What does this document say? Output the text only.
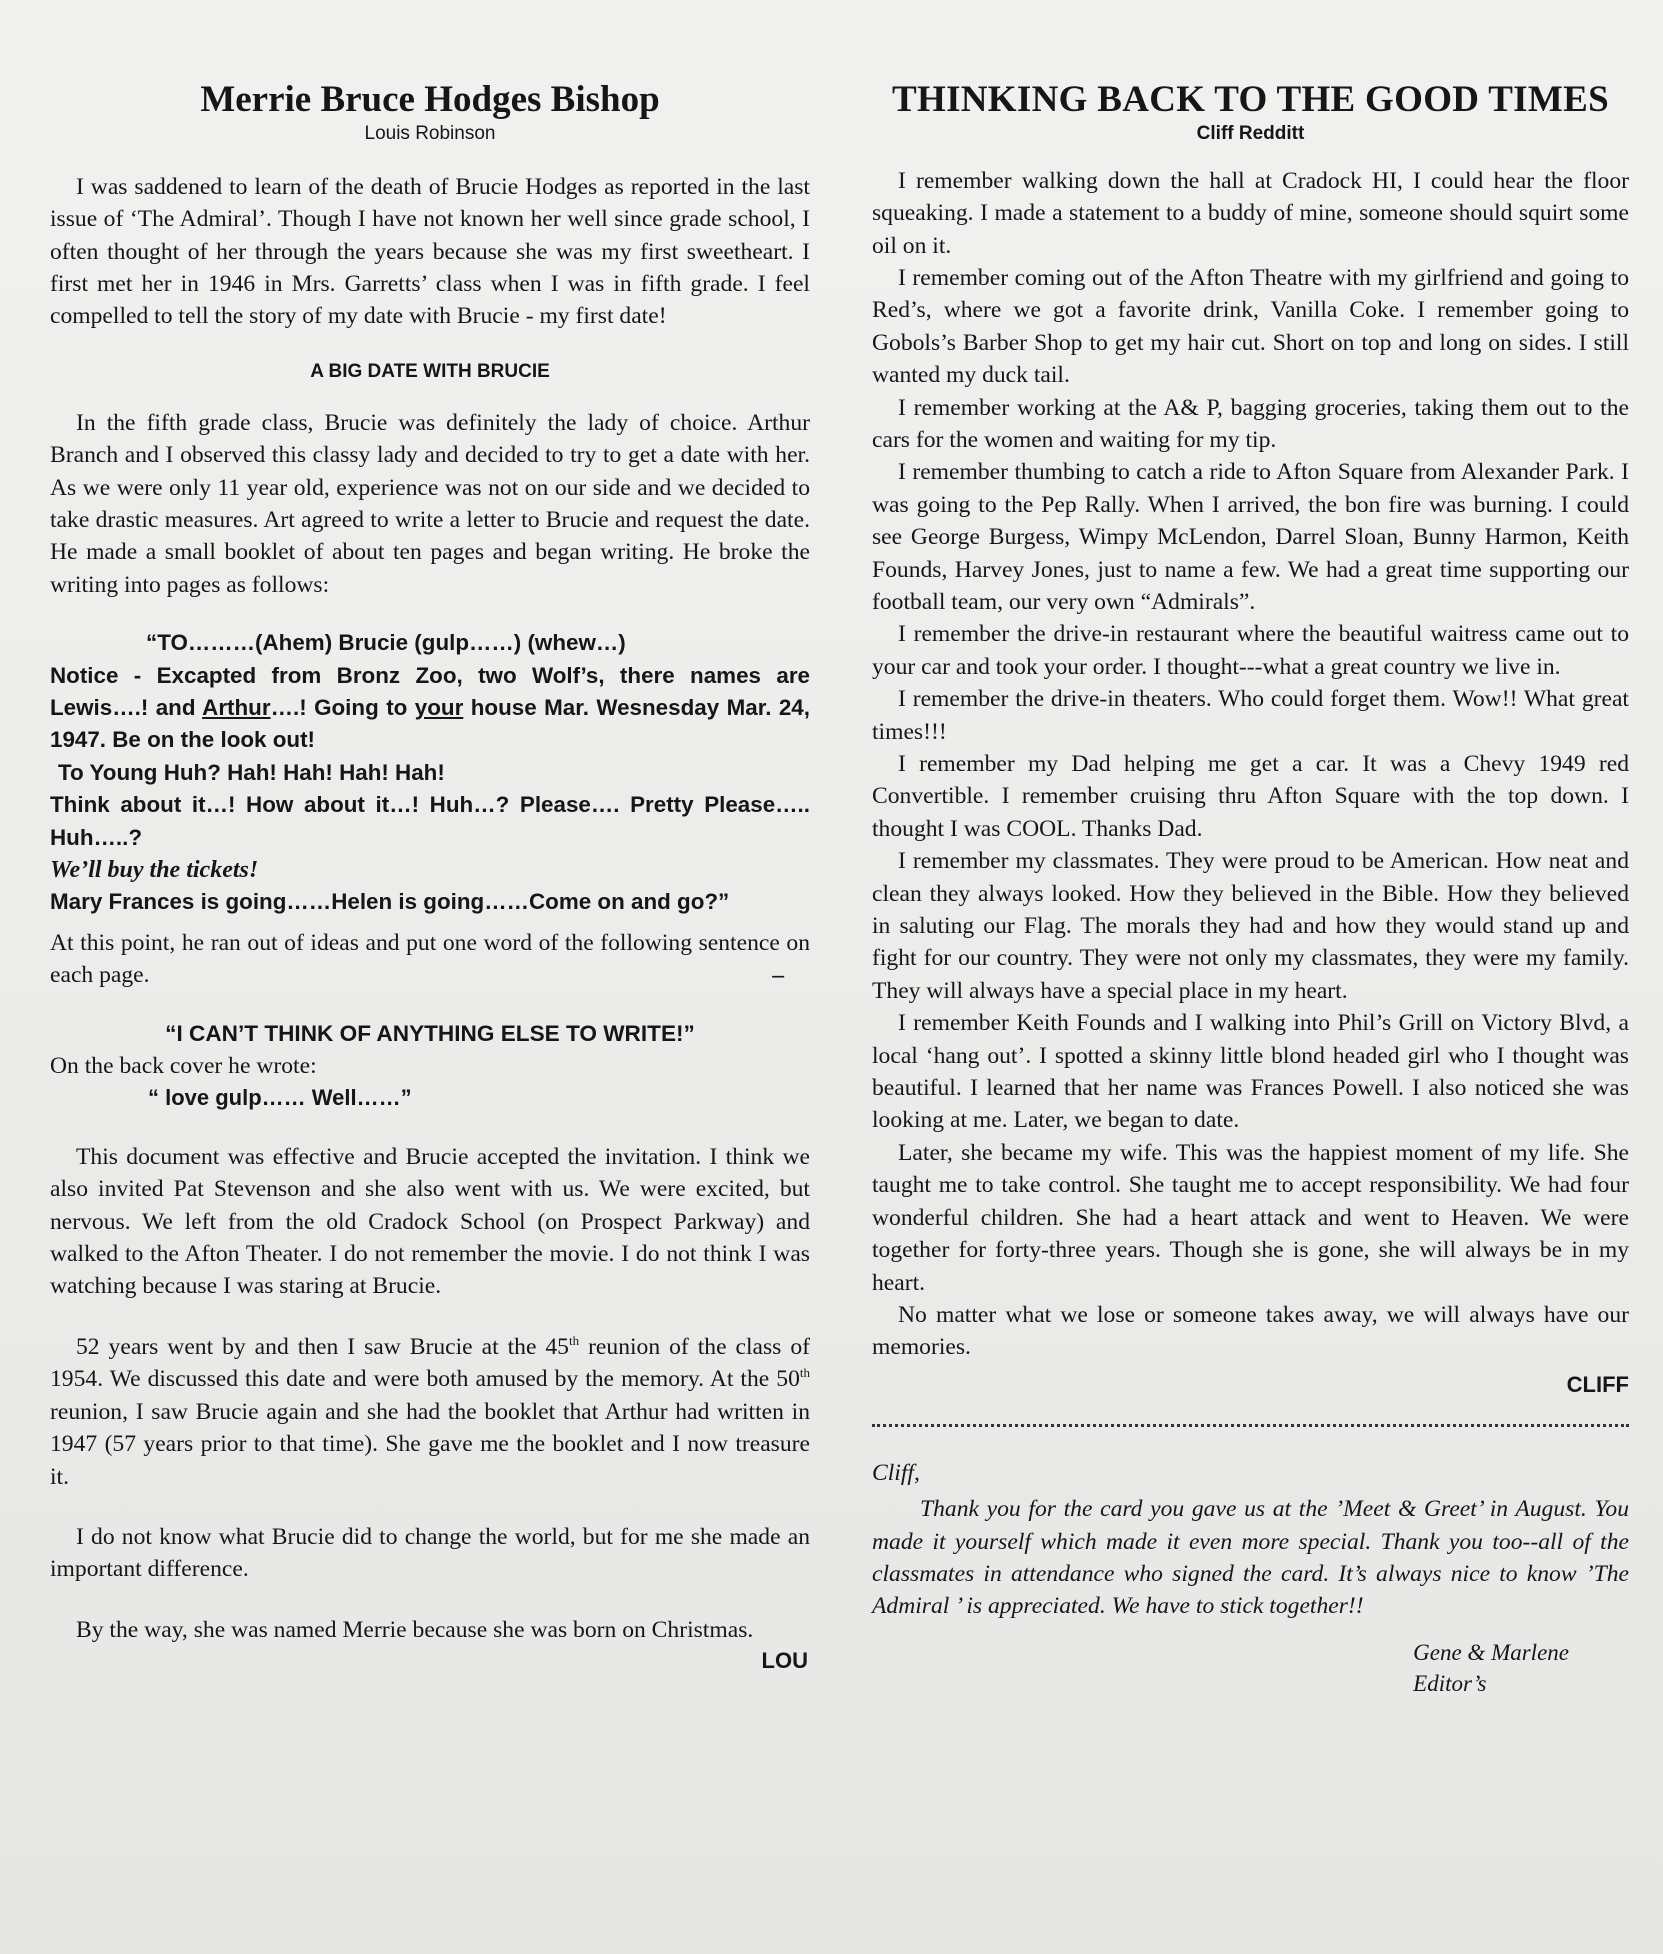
Merrie Bruce Hodges Bishop
Louis Robinson

I was saddened to learn of the death of Brucie Hodges as reported in the last issue of ‘The Admiral’. Though I have not known her well since grade school, I often thought of her through the years because she was my first sweetheart. I first met her in 1946 in Mrs. Garretts’ class when I was in fifth grade. I feel compelled to tell the story of my date with Brucie - my first date!

A BIG DATE WITH BRUCIE

In the fifth grade class, Brucie was definitely the lady of choice. Arthur Branch and I observed this classy lady and decided to try to get a date with her. As we were only 11 year old, experience was not on our side and we decided to take drastic measures. Art agreed to write a letter to Brucie and request the date. He made a small booklet of about ten pages and began writing. He broke the writing into pages as follows:

“TO………(Ahem) Brucie (gulp……) (whew…)

Notice - Excapted from Bronz Zoo, two Wolf’s, there names are Lewis….! and Arthur….! Going to your house Mar. Wesnesday Mar. 24, 1947. Be on the look out!

To Young Huh? Hah! Hah! Hah! Hah!

Think about it…! How about it…! Huh…? Please…. Pretty Please….. Huh…..?

We’ll buy the tickets!

Mary Frances is going……Helen is going……Come on and go?”

At this point, he ran out of ideas and put one word of the following sentence on each page.	–

“I CAN’T THINK OF ANYTHING ELSE TO WRITE!”

On the back cover he wrote:

“ love gulp…… Well……”

This document was effective and Brucie accepted the invitation. I think we also invited Pat Stevenson and she also went with us. We were excited, but nervous. We left from the old Cradock School (on Prospect Parkway) and walked to the Afton Theater. I do not remember the movie. I do not think I was watching because I was staring at Brucie.

52 years went by and then I saw Brucie at the 45th reunion of the class of 1954. We discussed this date and were both amused by the memory. At the 50th reunion, I saw Brucie again and she had the booklet that Arthur had written in 1947 (57 years prior to that time). She gave me the booklet and I now treasure it.

I do not know what Brucie did to change the world, but for me she made an important difference.

By the way, she was named Merrie because she was born on Christmas.

LOU
THINKING BACK TO THE GOOD TIMES
Cliff Redditt

I remember walking down the hall at Cradock HI, I could hear the floor squeaking. I made a statement to a buddy of mine, someone should squirt some oil on it.

I remember coming out of the Afton Theatre with my girlfriend and going to Red’s, where we got a favorite drink, Vanilla Coke. I remember going to Gobols’s Barber Shop to get my hair cut. Short on top and long on sides. I still wanted my duck tail.

I remember working at the A& P, bagging groceries, taking them out to the cars for the women and waiting for my tip.

I remember thumbing to catch a ride to Afton Square from Alexander Park. I was going to the Pep Rally. When I arrived, the bon fire was burning. I could see George Burgess, Wimpy McLendon, Darrel Sloan, Bunny Harmon, Keith Founds, Harvey Jones, just to name a few. We had a great time supporting our football team, our very own “Admirals”.

I remember the drive-in restaurant where the beautiful waitress came out to your car and took your order. I thought---what a great country we live in.

I remember the drive-in theaters. Who could forget them. Wow!! What great times!!!

I remember my Dad helping me get a car. It was a Chevy 1949 red Convertible. I remember cruising thru Afton Square with the top down. I thought I was COOL. Thanks Dad.

I remember my classmates. They were proud to be American. How neat and clean they always looked. How they believed in the Bible. How they believed in saluting our Flag. The morals they had and how they would stand up and fight for our country. They were not only my classmates, they were my family. They will always have a special place in my heart.

I remember Keith Founds and I walking into Phil’s Grill on Victory Blvd, a local ‘hang out’. I spotted a skinny little blond headed girl who I thought was beautiful. I learned that her name was Frances Powell. I also noticed she was looking at me. Later, we began to date.

Later, she became my wife. This was the happiest moment of my life. She taught me to take control. She taught me to accept responsibility. We had four wonderful children. She had a heart attack and went to Heaven. We were together for forty-three years. Though she is gone, she will always be in my heart.

No matter what we lose or someone takes away, we will always have our memories.

CLIFF

Cliff,

Thank you for the card you gave us at the ’Meet & Greet’ in August. You made it yourself which made it even more special. Thank you too--all of the classmates in attendance who signed the card. It’s always nice to know ’The Admiral ’ is appreciated. We have to stick together!!

Gene & Marlene
Editor’s
